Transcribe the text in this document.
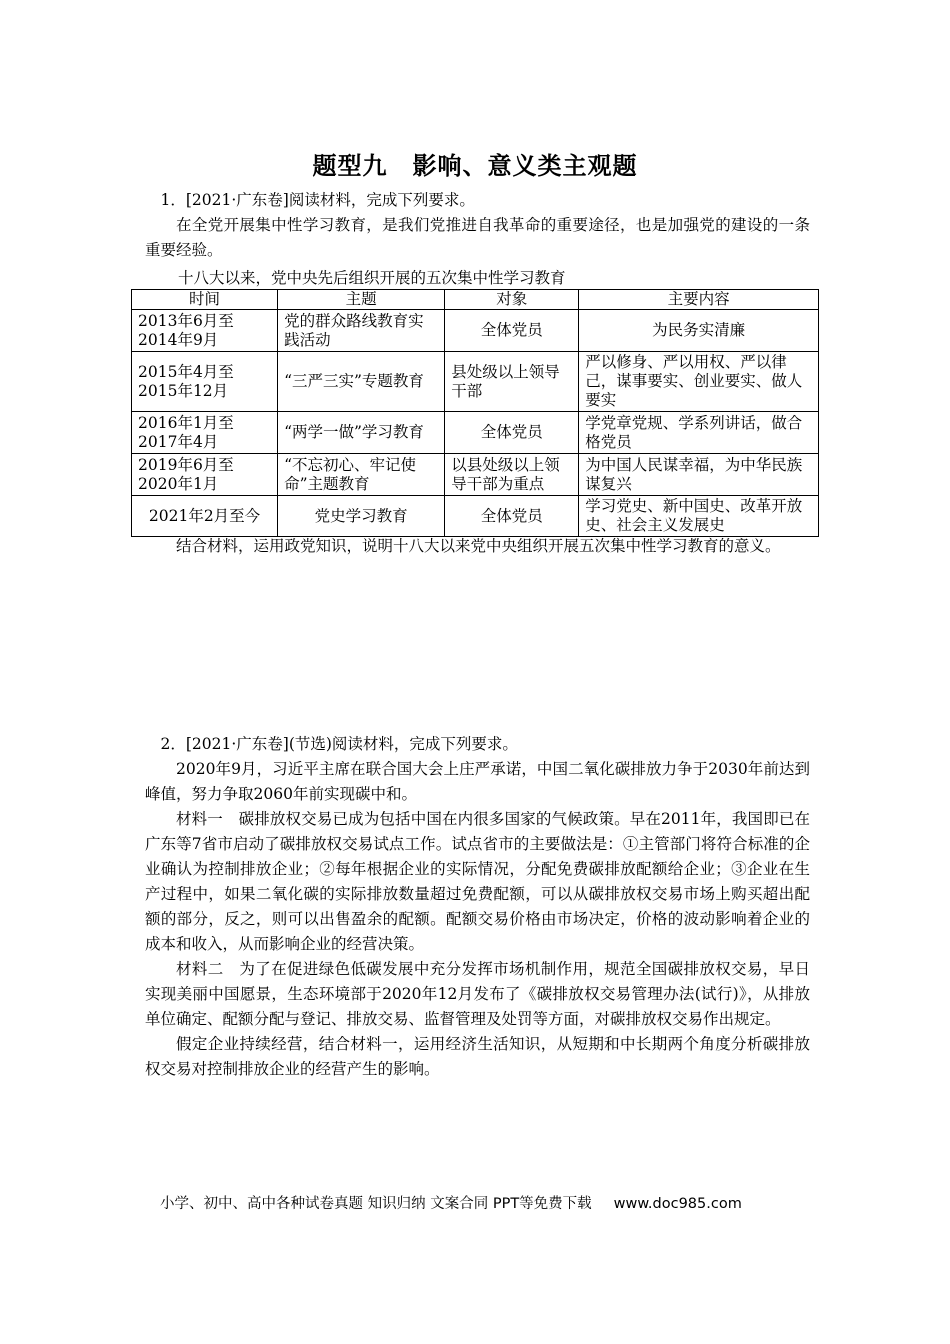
题型九　影响、意义类主观题

1．[2021·广东卷]阅读材料，完成下列要求。

在全党开展集中性学习教育，是我们党推进自我革命的重要途径，也是加强党的建设的一条重要经验。

十八大以来，党中央先后组织开展的五次集中性学习教育
时间	主题	对象	主要内容
2013年6月至2014年9月	党的群众路线教育实践活动	全体党员	为民务实清廉
2015年4月至2015年12月	“三严三实”专题教育	县处级以上领导干部	严以修身、严以用权、严以律己，谋事要实、创业要实、做人要实
2016年1月至2017年4月	“两学一做”学习教育	全体党员	学党章党规、学系列讲话，做合格党员
2019年6月至2020年1月	“不忘初心、牢记使命”主题教育	以县处级以上领导干部为重点	为中国人民谋幸福，为中华民族谋复兴
2021年2月至今	党史学习教育	全体党员	学习党史、新中国史、改革开放史、社会主义发展史

结合材料，运用政党知识，说明十八大以来党中央组织开展五次集中性学习教育的意义。

2．[2021·广东卷](节选)阅读材料，完成下列要求。

2020年9月，习近平主席在联合国大会上庄严承诺，中国二氧化碳排放力争于2030年前达到峰值，努力争取2060年前实现碳中和。

材料一　碳排放权交易已成为包括中国在内很多国家的气候政策。早在2011年，我国即已在广东等7省市启动了碳排放权交易试点工作。试点省市的主要做法是：①主管部门将符合标准的企业确认为控制排放企业；②每年根据企业的实际情况，分配免费碳排放配额给企业；③企业在生产过程中，如果二氧化碳的实际排放数量超过免费配额，可以从碳排放权交易市场上购买超出配额的部分，反之，则可以出售盈余的配额。配额交易价格由市场决定，价格的波动影响着企业的成本和收入，从而影响企业的经营决策。

材料二　为了在促进绿色低碳发展中充分发挥市场机制作用，规范全国碳排放权交易，早日实现美丽中国愿景，生态环境部于2020年12月发布了《碳排放权交易管理办法(试行)》，从排放单位确定、配额分配与登记、排放交易、监督管理及处罚等方面，对碳排放权交易作出规定。

假定企业持续经营，结合材料一，运用经济生活知识，从短期和中长期两个角度分析碳排放权交易对控制排放企业的经营产生的影响。

小学、初中、高中各种试卷真题 知识归纳 文案合同 PPT等免费下载 www.doc985.com
